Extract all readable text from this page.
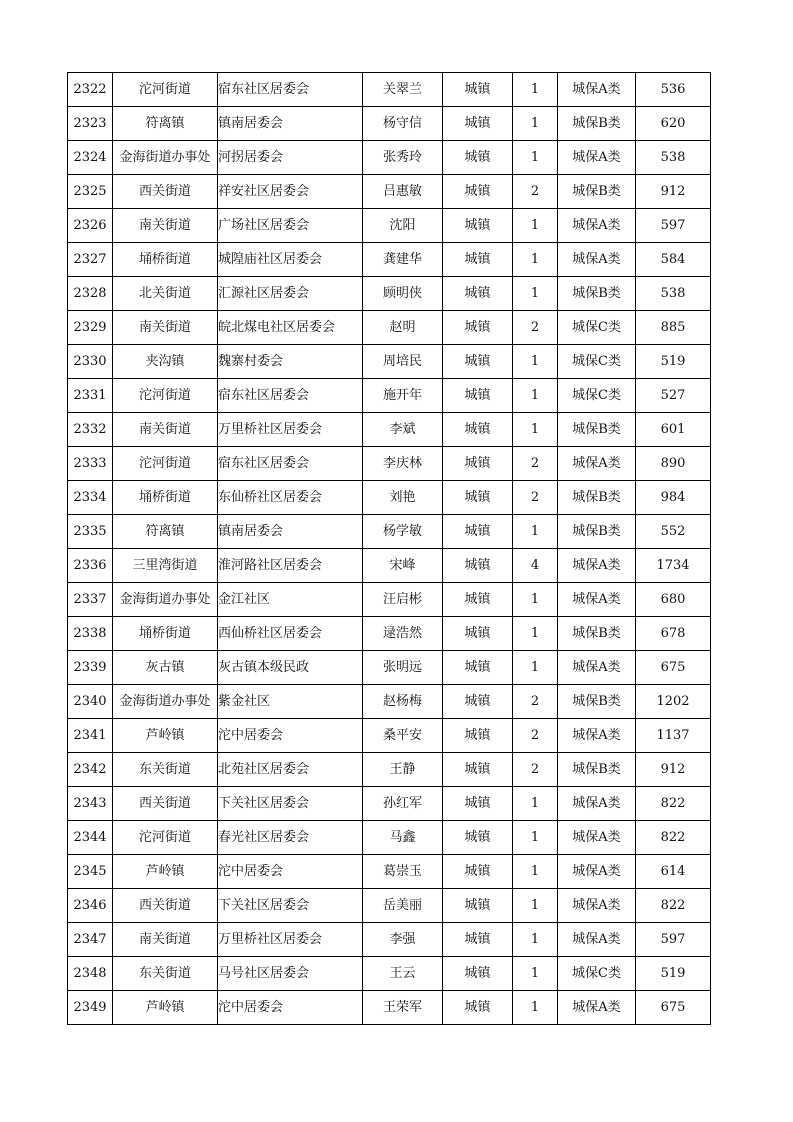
2322	沱河街道	宿东社区居委会	关翠兰	城镇	1	城保A类	536
2323	符离镇	镇南居委会	杨守信	城镇	1	城保B类	620
2324	金海街道办事处	河拐居委会	张秀玲	城镇	1	城保A类	538
2325	西关街道	祥安社区居委会	吕惠敏	城镇	2	城保B类	912
2326	南关街道	广场社区居委会	沈阳	城镇	1	城保A类	597
2327	埇桥街道	城隍庙社区居委会	龚建华	城镇	1	城保A类	584
2328	北关街道	汇源社区居委会	顾明侠	城镇	1	城保B类	538
2329	南关街道	皖北煤电社区居委会	赵明	城镇	2	城保C类	885
2330	夹沟镇	魏寨村委会	周培民	城镇	1	城保C类	519
2331	沱河街道	宿东社区居委会	施开年	城镇	1	城保C类	527
2332	南关街道	万里桥社区居委会	李斌	城镇	1	城保B类	601
2333	沱河街道	宿东社区居委会	李庆林	城镇	2	城保A类	890
2334	埇桥街道	东仙桥社区居委会	刘艳	城镇	2	城保B类	984
2335	符离镇	镇南居委会	杨学敏	城镇	1	城保B类	552
2336	三里湾街道	淮河路社区居委会	宋峰	城镇	4	城保A类	1734
2337	金海街道办事处	金江社区	汪启彬	城镇	1	城保A类	680
2338	埇桥街道	西仙桥社区居委会	逯浩然	城镇	1	城保B类	678
2339	灰古镇	灰古镇本级民政	张明远	城镇	1	城保A类	675
2340	金海街道办事处	紫金社区	赵杨梅	城镇	2	城保B类	1202
2341	芦岭镇	沱中居委会	桑平安	城镇	2	城保A类	1137
2342	东关街道	北苑社区居委会	王静	城镇	2	城保B类	912
2343	西关街道	下关社区居委会	孙红军	城镇	1	城保A类	822
2344	沱河街道	春光社区居委会	马鑫	城镇	1	城保A类	822
2345	芦岭镇	沱中居委会	葛崇玉	城镇	1	城保A类	614
2346	西关街道	下关社区居委会	岳美丽	城镇	1	城保A类	822
2347	南关街道	万里桥社区居委会	李强	城镇	1	城保A类	597
2348	东关街道	马号社区居委会	王云	城镇	1	城保C类	519
2349	芦岭镇	沱中居委会	王荣军	城镇	1	城保A类	675
